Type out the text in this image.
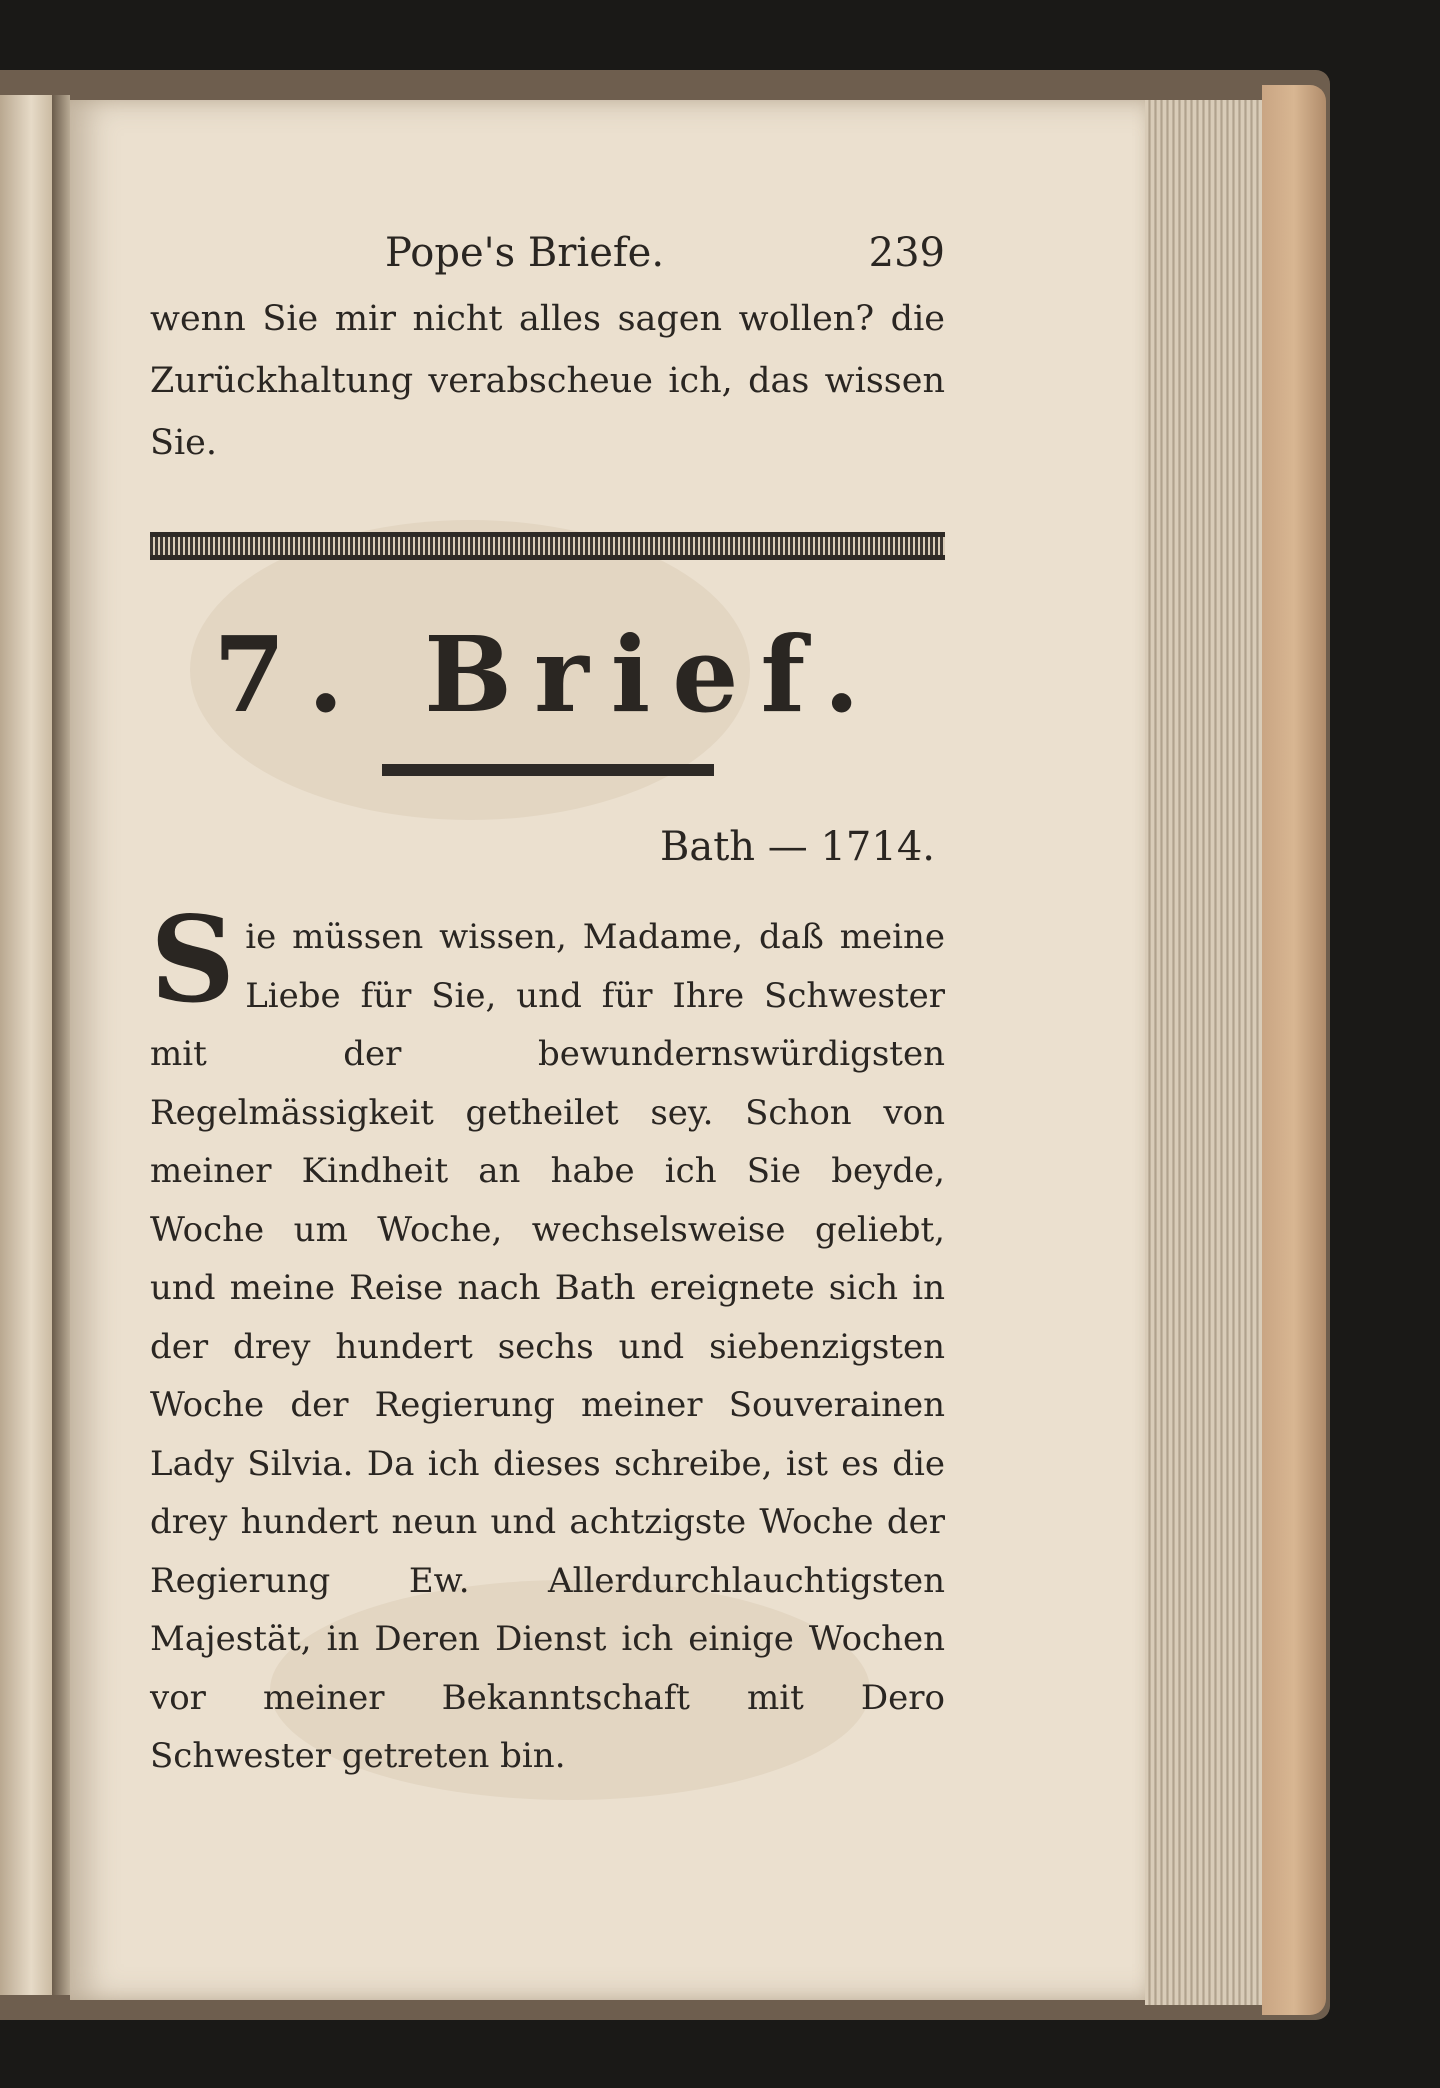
Pope's Briefe.	239
wenn Sie mir nicht alles sagen wollen? die Zurückhaltung verabscheue ich, das wissen Sie.
7. Brief.
Bath — 1714.
Sie müssen wissen, Madame, daß meine Liebe für Sie, und für Ihre Schwester mit der bewundernswürdigsten Regelmässigkeit getheilet sey. Schon von meiner Kindheit an habe ich Sie beyde, Woche um Woche, wechselsweise geliebt, und meine Reise nach Bath ereignete sich in der drey hundert sechs und siebenzigsten Woche der Regierung meiner Souverainen Lady Silvia. Da ich dieses schreibe, ist es die drey hundert neun und achtzigste Woche der Regierung Ew. Allerdurchlauchtigsten Majestät, in Deren Dienst ich einige Wochen vor meiner Bekanntschaft mit Dero Schwester getreten bin.
